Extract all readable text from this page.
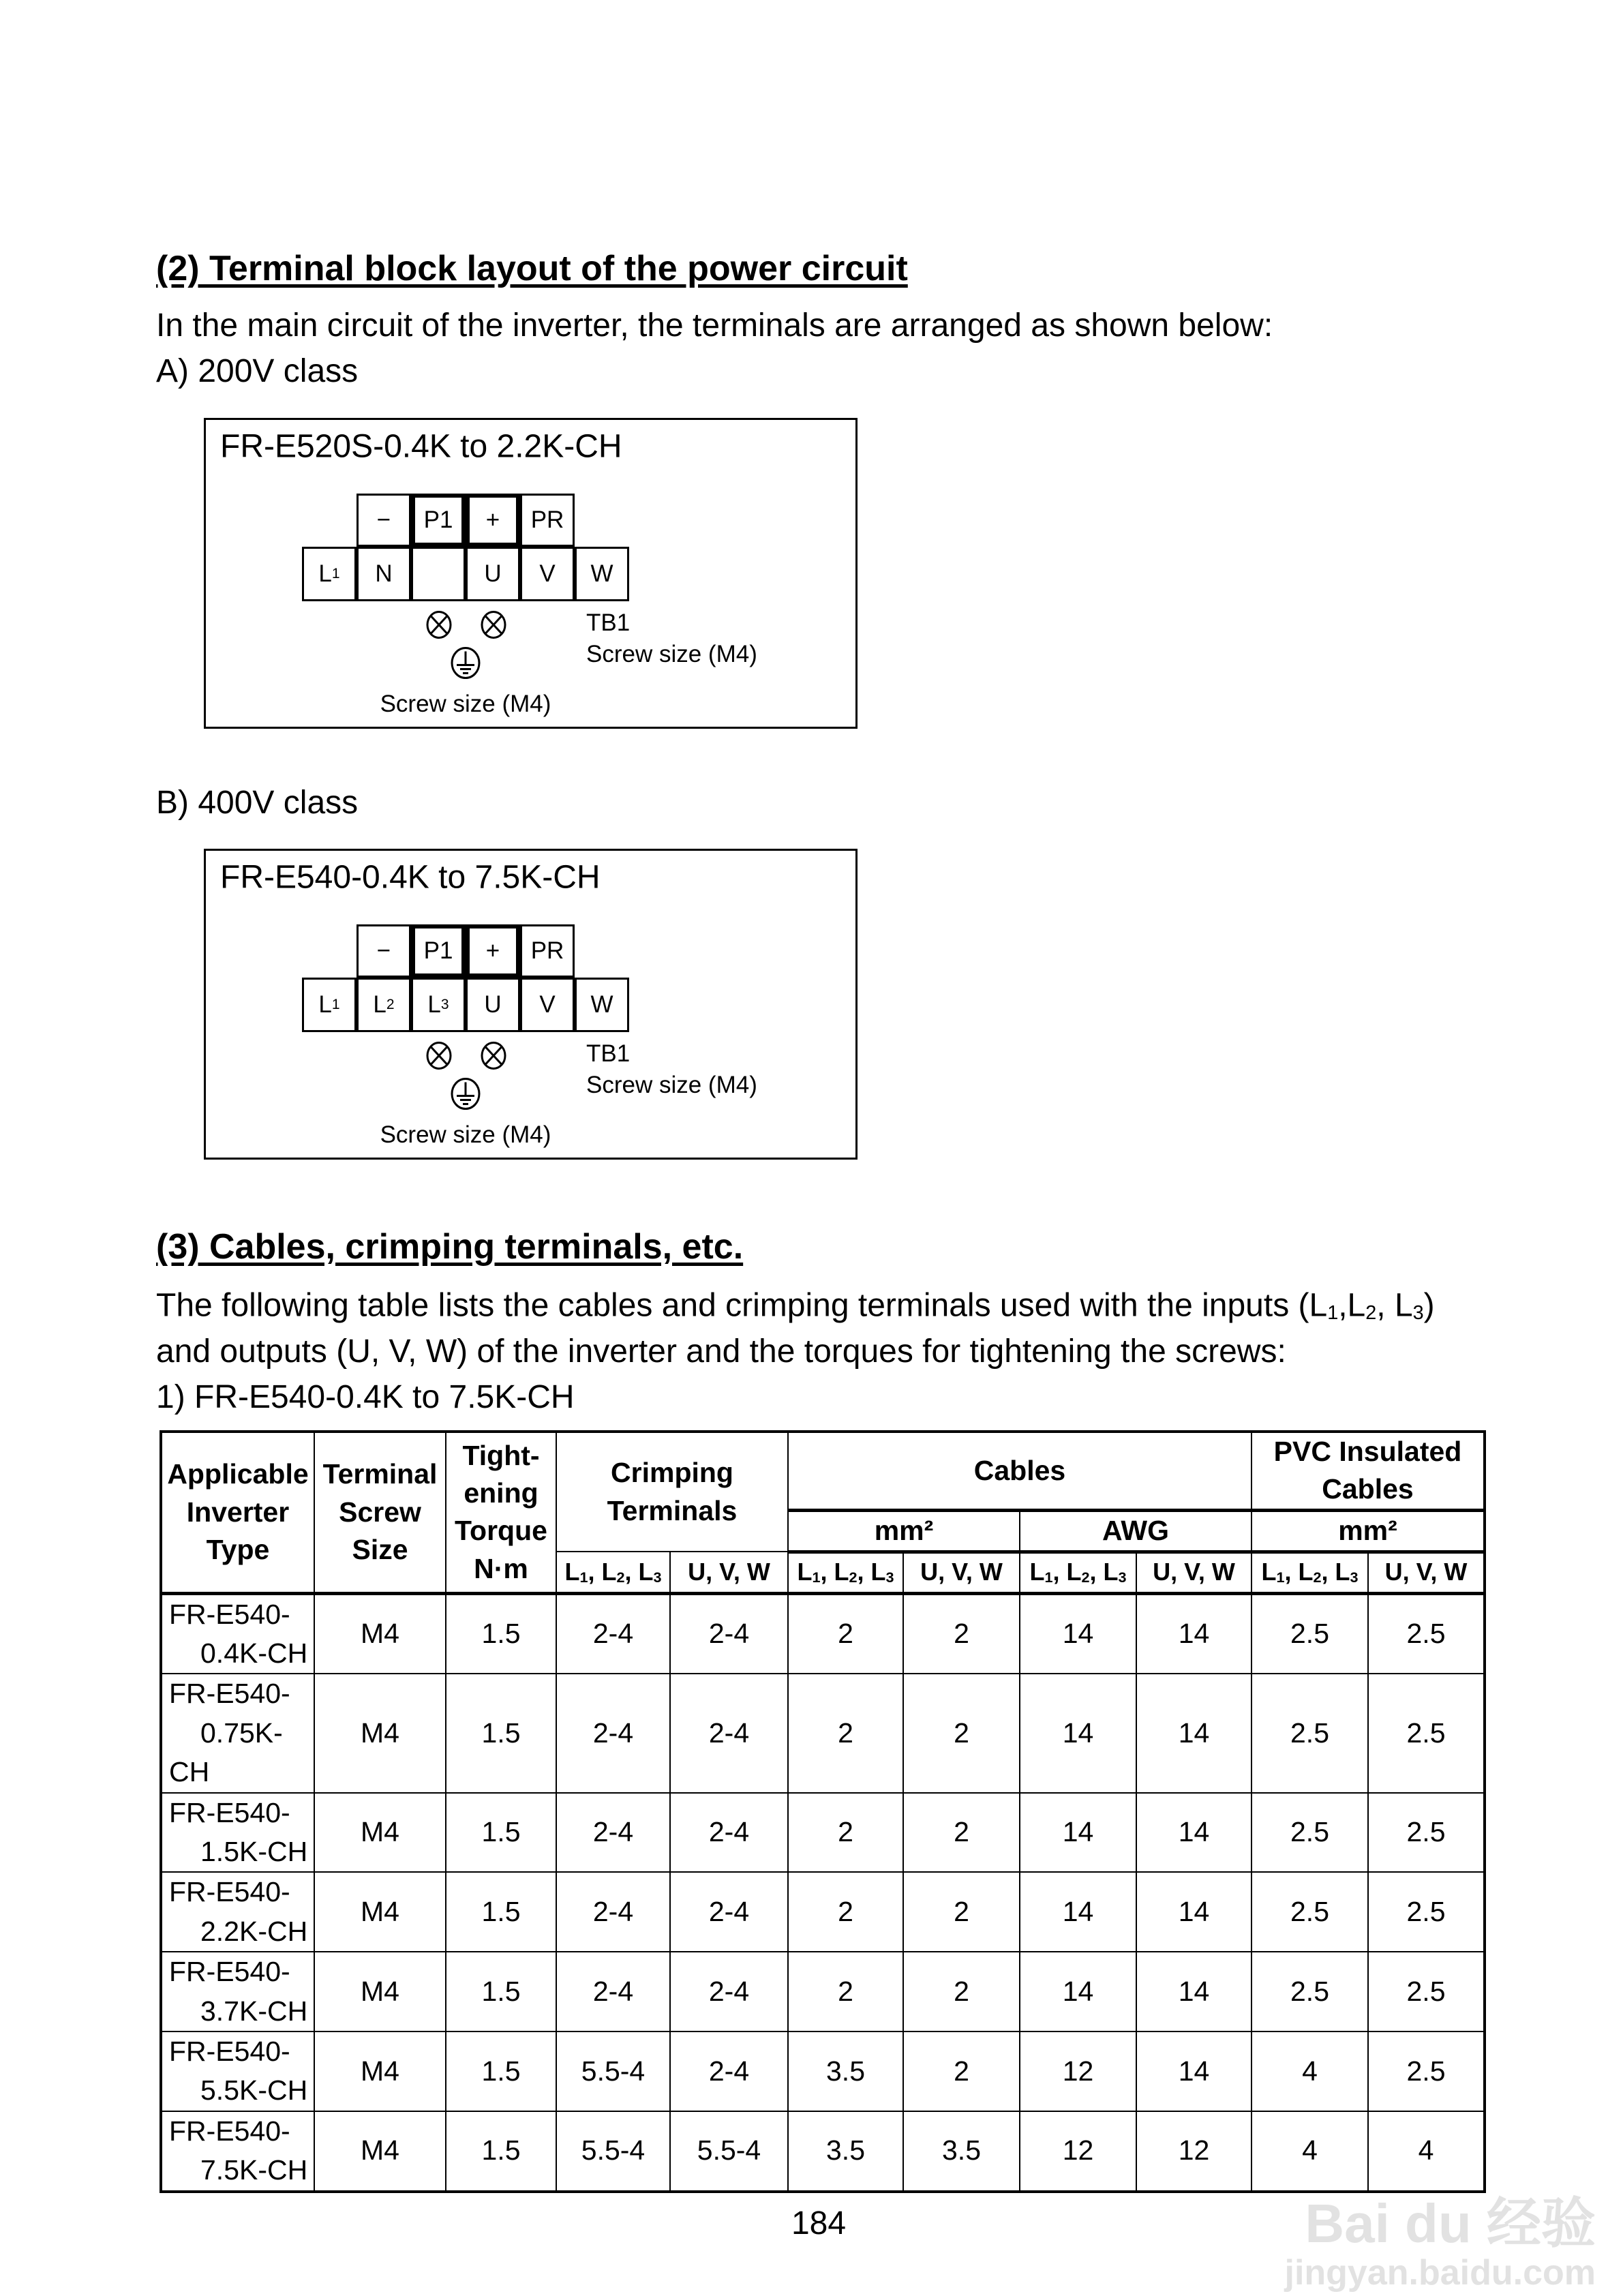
(2) Terminal block layout of the power circuit
In the main circuit of the inverter, the terminals are arranged as shown below:
A) 200V class
FR-E520S-0.4K to 2.2K-CH
−	P1	+	PR
L 1	N	U	V	W
TB1
Screw size (M4)
Screw size (M4)
B) 400V class
FR-E540-0.4K to 7.5K-CH
−	P1	+	PR
L 1	L 2	L 3	U	V	W
TB1
Screw size (M4)
Screw size (M4)
(3) Cables, crimping terminals, etc.
The following table lists the cables and crimping terminals used with the inputs ($L_1,L_2$, $L_3$)
and outputs (U, V, W) of the inverter and the torques for tightening the screws:
1) FR-E540-0.4K to 7.5K-CH
Applicable Inverter Type	Terminal Screw Size	Tight-ening Torque N·m	Crimping Terminals		Cables				PVC Insulated Cables	
					mm²		AWG		mm²	
			$L_1$, $L_2$, $L_3$	U, V, W	$L_1$, $L_2$, $L_3$	U, V, W	$L_1$, $L_2$, $L_3$	U, V, W	$L_1$, $L_2$, $L_3$	U, V, W
FR-E540-
0.4K-CH	M4	1.5	2-4	2-4	2	2	14	14	2.5	2.5
FR-E540-
0.75K-CH	M4	1.5	2-4	2-4	2	2	14	14	2.5	2.5
FR-E540-
1.5K-CH	M4	1.5	2-4	2-4	2	2	14	14	2.5	2.5
FR-E540-
2.2K-CH	M4	1.5	2-4	2-4	2	2	14	14	2.5	2.5
FR-E540-
3.7K-CH	M4	1.5	2-4	2-4	2	2	14	14	2.5	2.5
FR-E540-
5.5K-CH	M4	1.5	5.5-4	2-4	3.5	2	12	14	4	2.5
FR-E540-
7.5K-CH	M4	1.5	5.5-4	5.5-4	3.5	3.5	12	12	4	4
184	Bai du 经验
jingyan.baidu.com
